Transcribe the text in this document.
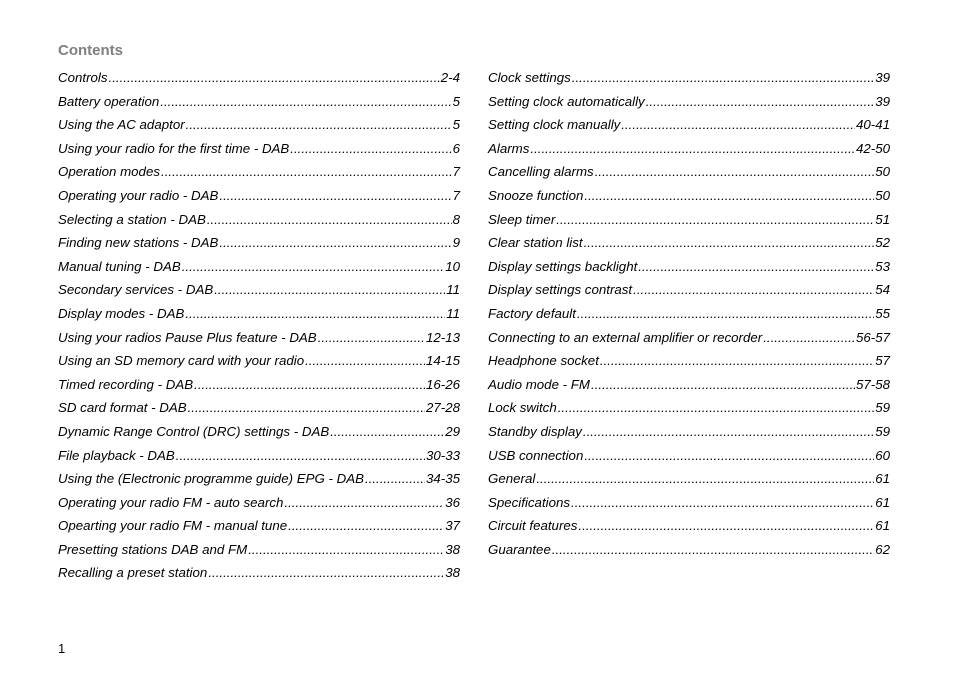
Contents
Controls .....	2-4
Battery operation .....	5
Using the AC adaptor .....	5
Using your radio for the first time - DAB .....	6
Operation modes .....	7
Operating your radio - DAB .....	7
Selecting a station - DAB .....	8
Finding new stations - DAB .....	9
Manual tuning - DAB .....	10
Secondary services - DAB .....	11
Display modes - DAB .....	11
Using your radios Pause Plus feature - DAB .....	12-13
Using an SD memory card with your radio .....	14-15
Timed recording - DAB .....	16-26
SD card format - DAB .....	27-28
Dynamic Range Control (DRC) settings - DAB .....	29
File playback - DAB .....	30-33
Using the (Electronic programme guide) EPG - DAB .....	34-35
Operating your radio FM - auto search .....	36
Opearting your radio FM - manual tune .....	37
Presetting stations DAB and FM .....	38
Recalling a preset station .....	38
Clock settings .....	39
Setting clock automatically .....	39
Setting clock manually .....	40-41
Alarms .....	42-50
Cancelling alarms .....	50
Snooze function .....	50
Sleep timer .....	51
Clear station list .....	52
Display settings backlight .....	53
Display settings contrast .....	54
Factory default .....	55
Connecting to an external amplifier or recorder .....	56-57
Headphone socket .....	57
Audio mode - FM .....	57-58
Lock switch .....	59
Standby display .....	59
USB connection .....	60
General .....	61
Specifications .....	61
Circuit features .....	61
Guarantee .....	62
1
